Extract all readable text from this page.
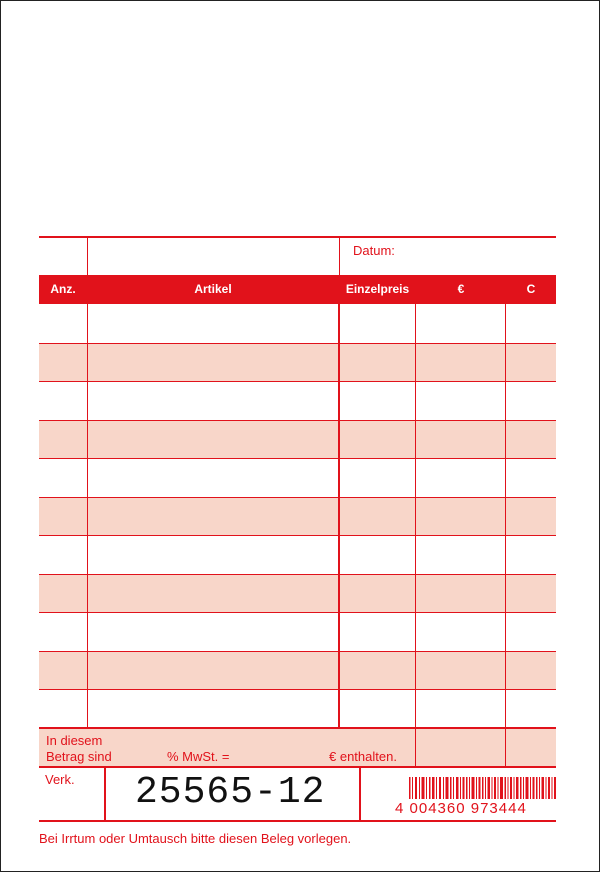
Datum:
Anz.	Artikel	Einzelpreis	€	C
In diesem
Betrag sind	% MwSt. =	€ enthalten.
Verk. 25565-12	4 004360 973444
Bei Irrtum oder Umtausch bitte diesen Beleg vorlegen.
